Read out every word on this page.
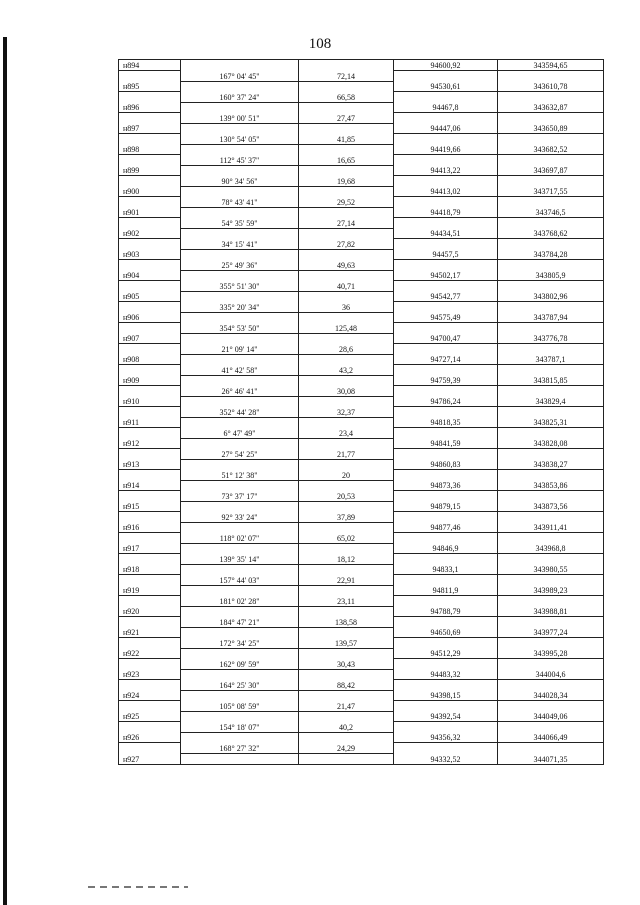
108
н894			94600,92	343594,65
	167° 04' 45"	72,14		
н895			94530,61	343610,78
	160° 37' 24"	66,58		
н896			94467,8	343632,87
	139° 00' 51"	27,47		
н897			94447,06	343650,89
	130° 54' 05"	41,85		
н898			94419,66	343682,52
	112° 45' 37"	16,65		
н899			94413,22	343697,87
	90° 34' 56"	19,68		
н900			94413,02	343717,55
	78° 43' 41"	29,52		
н901			94418,79	343746,5
	54° 35' 59"	27,14		
н902			94434,51	343768,62
	34° 15' 41"	27,82		
н903			94457,5	343784,28
	25° 49' 36"	49,63		
н904			94502,17	343805,9
	355° 51' 30"	40,71		
н905			94542,77	343802,96
	335° 20' 34"	36		
н906			94575,49	343787,94
	354° 53' 50"	125,48		
н907			94700,47	343776,78
	21° 09' 14"	28,6		
н908			94727,14	343787,1
	41° 42' 58"	43,2		
н909			94759,39	343815,85
	26° 46' 41"	30,08		
н910			94786,24	343829,4
	352° 44' 28"	32,37		
н911			94818,35	343825,31
	6° 47' 49"	23,4		
н912			94841,59	343828,08
	27° 54' 25"	21,77		
н913			94860,83	343838,27
	51° 12' 38"	20		
н914			94873,36	343853,86
	73° 37' 17"	20,53		
н915			94879,15	343873,56
	92° 33' 24"	37,89		
н916			94877,46	343911,41
	118° 02' 07"	65,02		
н917			94846,9	343968,8
	139° 35' 14"	18,12		
н918			94833,1	343980,55
	157° 44' 03"	22,91		
н919			94811,9	343989,23
	181° 02' 28"	23,11		
н920			94788,79	343988,81
	184° 47' 21"	138,58		
н921			94650,69	343977,24
	172° 34' 25"	139,57		
н922			94512,29	343995,28
	162° 09' 59"	30,43		
н923			94483,32	344004,6
	164° 25' 30"	88,42		
н924			94398,15	344028,34
	105° 08' 59"	21,47		
н925			94392,54	344049,06
	154° 18' 07"	40,2		
н926			94356,32	344066,49
	168° 27' 32"	24,29		
н927			94332,52	344071,35
